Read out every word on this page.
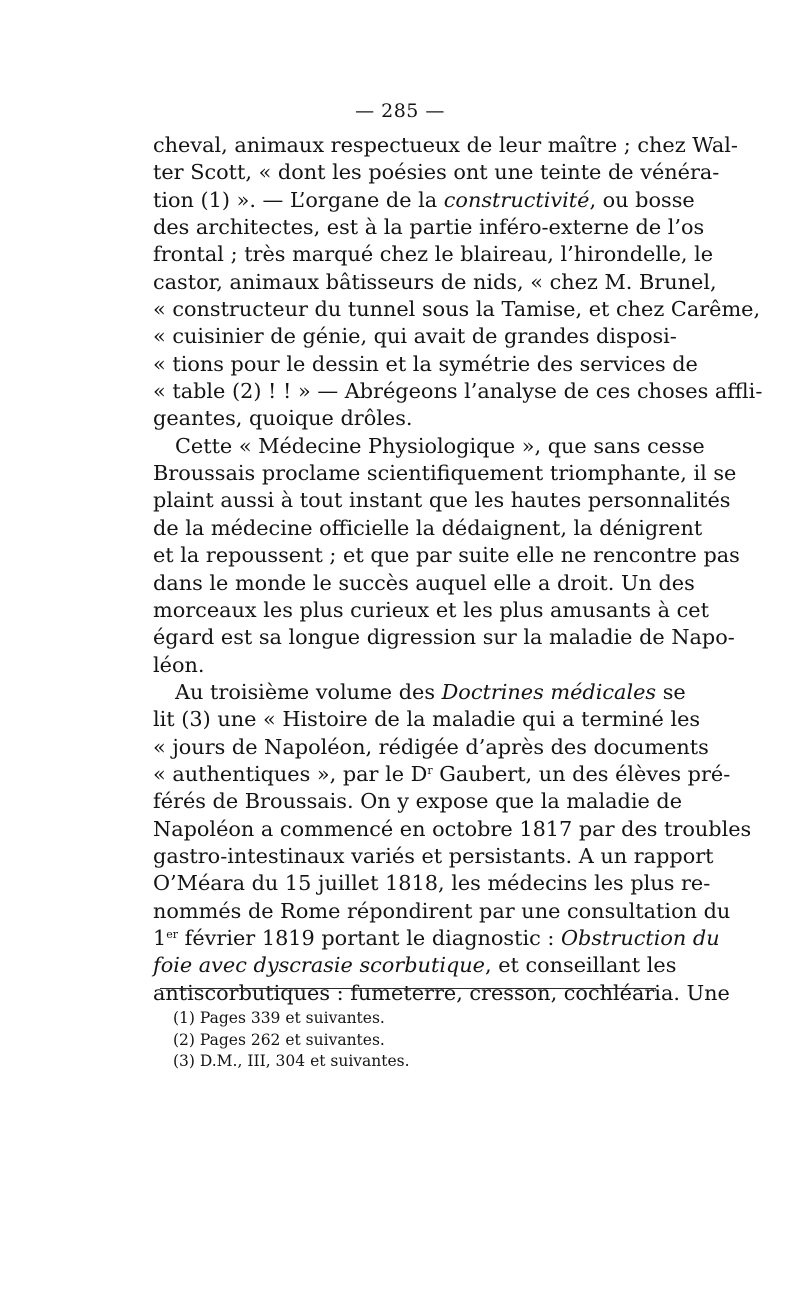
— 285 —
cheval, animaux respectueux de leur maître ; chez Wal-
ter Scott, « dont les poésies ont une teinte de vénéra-
tion (1) ». — L’organe de la constructivité, ou bosse
des architectes, est à la partie inféro-externe de l’os
frontal ; très marqué chez le blaireau, l’hirondelle, le
castor, animaux bâtisseurs de nids, « chez M. Brunel,
« constructeur du tunnel sous la Tamise, et chez Carême,
« cuisinier de génie, qui avait de grandes disposi-
« tions pour le dessin et la symétrie des services de
« table (2) ! ! » — Abrégeons l’analyse de ces choses affli-
geantes, quoique drôles.
Cette « Médecine Physiologique », que sans cesse
Broussais proclame scientifiquement triomphante, il se
plaint aussi à tout instant que les hautes personnalités
de la médecine officielle la dédaignent, la dénigrent
et la repoussent ; et que par suite elle ne rencontre pas
dans le monde le succès auquel elle a droit. Un des
morceaux les plus curieux et les plus amusants à cet
égard est sa longue digression sur la maladie de Napo-
léon.
Au troisième volume des Doctrines médicales se
lit (3) une « Histoire de la maladie qui a terminé les
« jours de Napoléon, rédigée d’après des documents
« authentiques », par le $D^r$ Gaubert, un des élèves pré-
férés de Broussais. On y expose que la maladie de
Napoléon a commencé en octobre 1817 par des troubles
gastro-intestinaux variés et persistants. A un rapport
O’Méara du 15 juillet 1818, les médecins les plus re-
nommés de Rome répondirent par une consultation du
1er février 1819 portant le diagnostic : Obstruction du
foie avec dyscrasie scorbutique, et conseillant les
antiscorbutiques : fumeterre, cresson, cochléaria. Une
(1) Pages 339 et suivantes.
(2) Pages 262 et suivantes.
(3) D.M., III, 304 et suivantes.
